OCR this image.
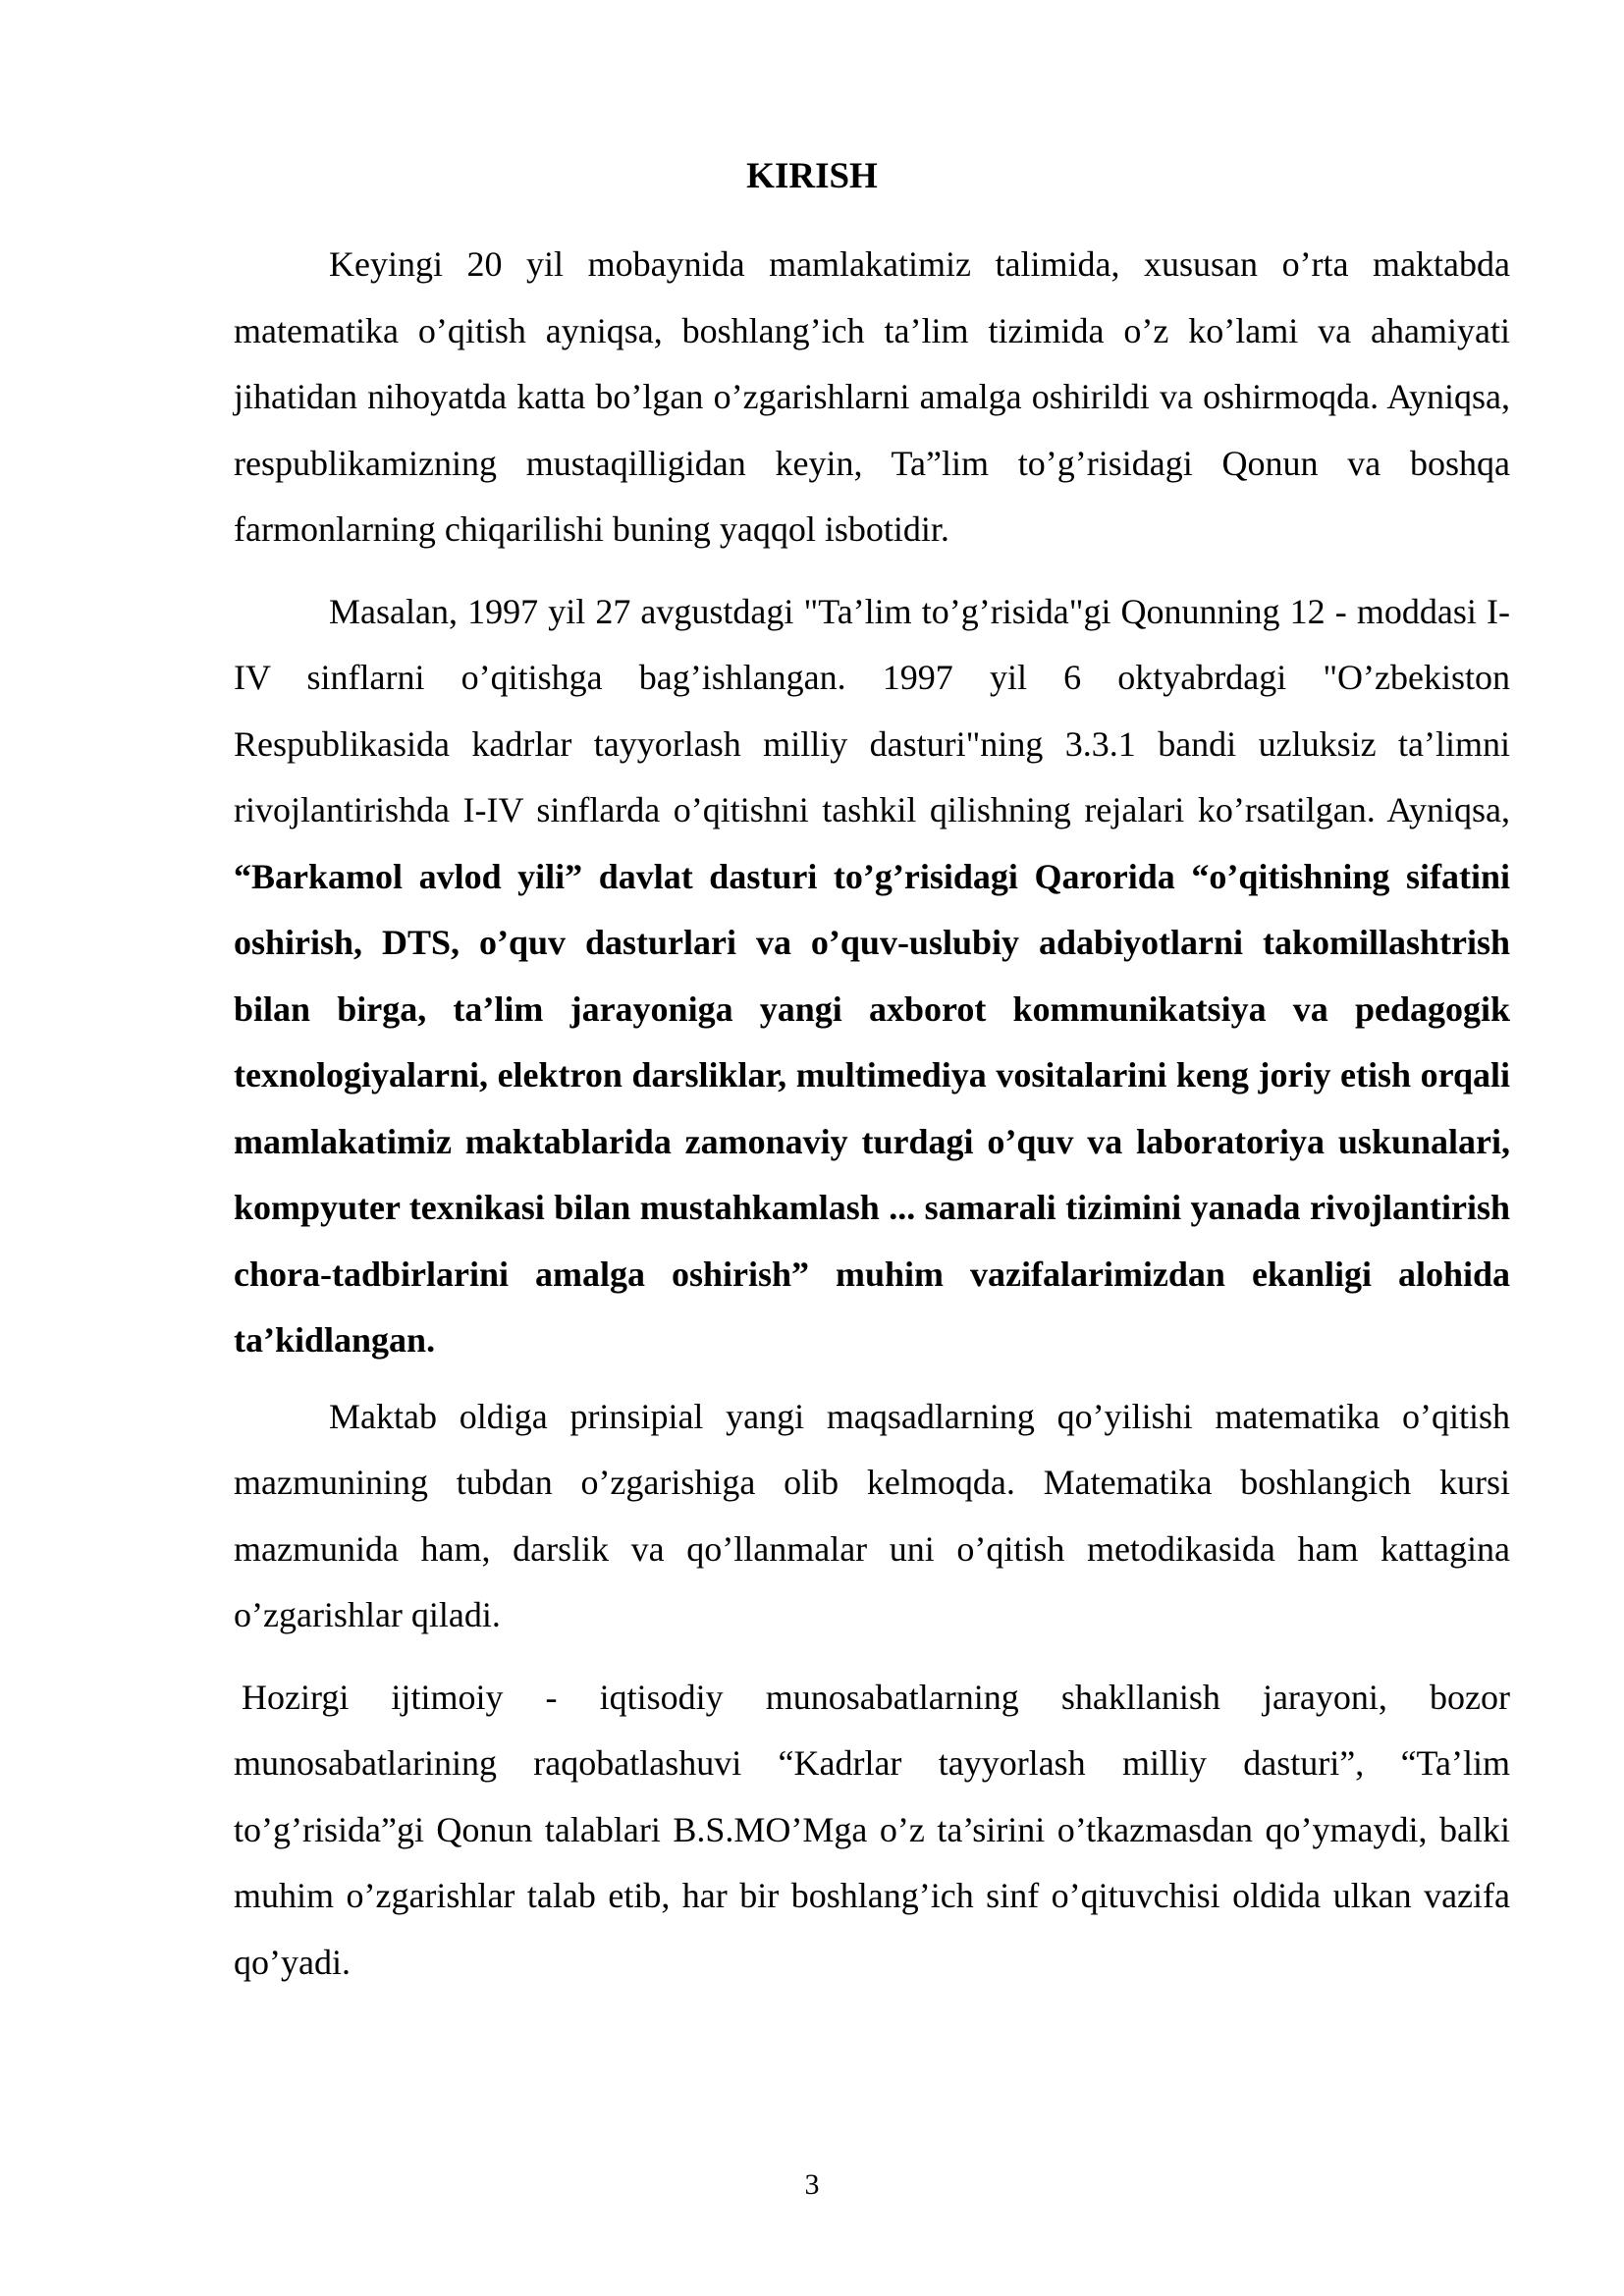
KIRISH

Keyingi 20 yil mobaynida mamlakatimiz talimida, xususan o’rta maktabda matematika o’qitish ayniqsa, boshlang’ich ta’lim tizimida o’z ko’lami va ahamiyati jihatidan nihoyatda katta bo’lgan o’zgarishlarni amalga oshirildi va oshirmoqda. Ayniqsa, respublikamizning mustaqilligidan keyin, Ta”lim to’g’risidagi Qonun va boshqa farmonlarning chiqarilishi buning yaqqol isbotidir.

Masalan, 1997 yil 27 avgustdagi "Ta’lim to’g’risida"gi Qonunning 12 - moddasi I-IV sinflarni o’qitishga bag’ishlangan. 1997 yil 6 oktyabrdagi "O’zbekiston Respublikasida kadrlar tayyorlash milliy dasturi"ning 3.3.1 bandi uzluksiz ta’limni rivojlantirishda I-IV sinflarda o’qitishni tashkil qilishning rejalari ko’rsatilgan. Ayniqsa, “Barkamol avlod yili” davlat dasturi to’g’risidagi Qarorida “o’qitishning sifatini oshirish, DTS, o’quv dasturlari va o’quv-uslubiy adabiyotlarni takomillashtrish bilan birga, ta’lim jarayoniga yangi axborot kommunikatsiya va pedagogik texnologiyalarni, elektron darsliklar, multimediya vositalarini keng joriy etish orqali mamlakatimiz maktablarida zamonaviy turdagi o’quv va laboratoriya uskunalari, kompyuter texnikasi bilan mustahkamlash ... samarali tizimini yanada rivojlantirish chora-tadbirlarini amalga oshirish” muhim vazifalarimizdan ekanligi alohida ta’kidlangan.

Maktab oldiga prinsipial yangi maqsadlarning qo’yilishi matematika o’qitish mazmunining tubdan o’zgarishiga olib kelmoqda. Matematika boshlangich kursi mazmunida ham, darslik va qo’llanmalar uni o’qitish metodikasida ham kattagina o’zgarishlar qiladi.

Hozirgi ijtimoiy - iqtisodiy munosabatlarning shakllanish jarayoni, bozor munosabatlarining raqobatlashuvi “Kadrlar tayyorlash milliy dasturi”, “Ta’lim to’g’risida”gi Qonun talablari B.S.MO’Mga o’z ta’sirini o’tkazmasdan qo’ymaydi, balki muhim o’zgarishlar talab etib, har bir boshlang’ich sinf o’qituvchisi oldida ulkan vazifa qo’yadi.

3
